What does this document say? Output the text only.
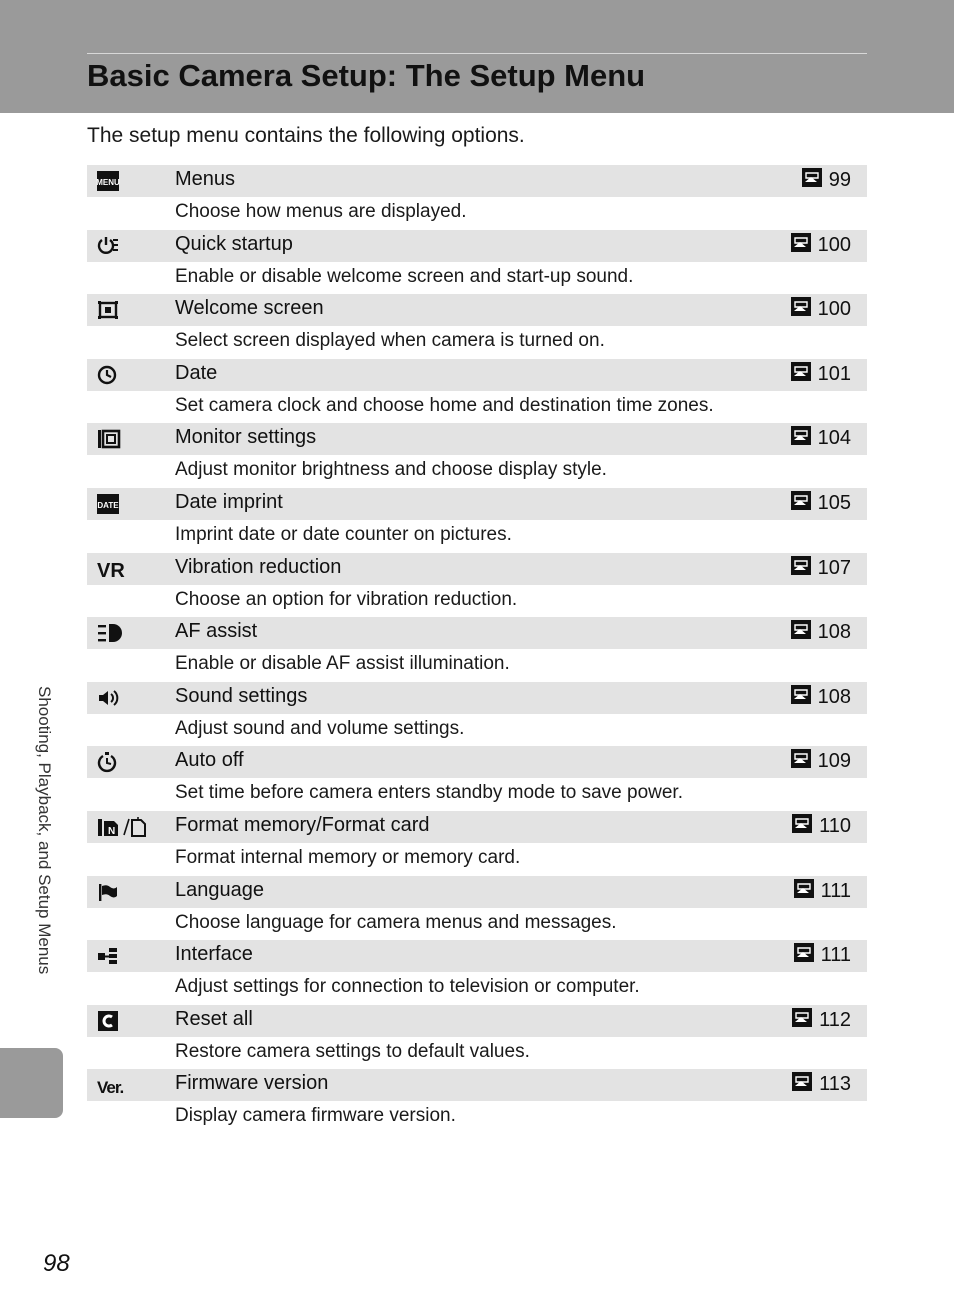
Basic Camera Setup: The Setup Menu
The setup menu contains the following options.
MENU	Menus	99
Choose how menus are displayed.
Quick startup	100
Enable or disable welcome screen and start-up sound.
Welcome screen	100
Select screen displayed when camera is turned on.
Date	101
Set camera clock and choose home and destination time zones.
Monitor settings	104
Adjust monitor brightness and choose display style.
DATE	Date imprint	105
Imprint date or date counter on pictures.
VR	Vibration reduction	107
Choose an option for vibration reduction.
AF assist	108
Enable or disable AF assist illumination.
Sound settings	108
Adjust sound and volume settings.
Auto off	109
Set time before camera enters standby mode to save power.
N	Format memory/Format card	110
Format internal memory or memory card.
Language	111
Choose language for camera menus and messages.
Interface	111
Adjust settings for connection to television or computer.
Reset all	112
Restore camera settings to default values.
Ver.	Firmware version	113
Display camera firmware version.
Shooting, Playback, and Setup Menus
98
